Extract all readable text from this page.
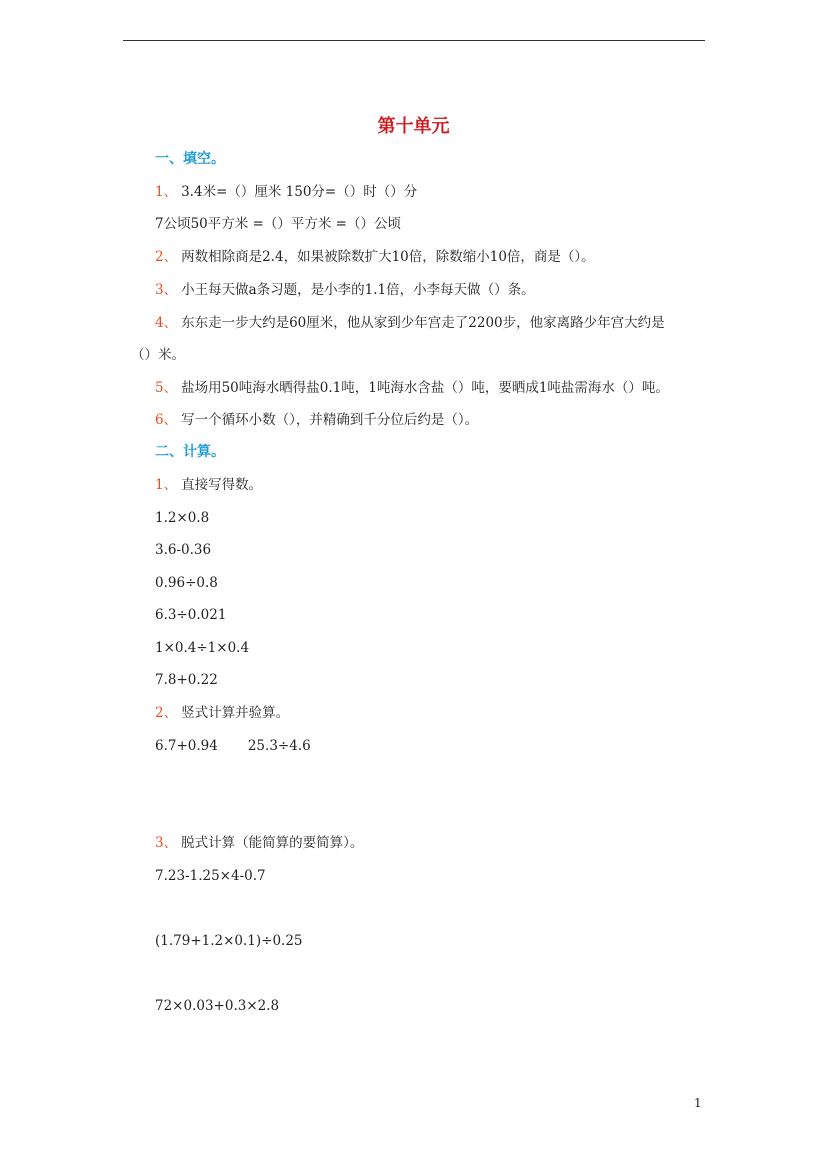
第十单元
一、填空。
1、 3.4米=（）厘米 150分=（）时（）分
7公顷50平方米 =（）平方米 =（）公顷
2、 两数相除商是2.4，如果被除数扩大10倍，除数缩小10倍，商是（）。
3、 小王每天做a条习题，是小李的1.1倍，小李每天做（）条。
4、 东东走一步大约是60厘米，他从家到少年宫走了2200步，他家离路少年宫大约是
（）米。
5、 盐场用50吨海水晒得盐0.1吨，1吨海水含盐（）吨，要晒成1吨盐需海水（）吨。
6、 写一个循环小数（），并精确到千分位后约是（）。
二、计算。
1、 直接写得数。
1.2×0.8
3.6-0.36
0.96÷0.8
6.3÷0.021
1×0.4÷1×0.4
7.8+0.22
2、 竖式计算并验算。
6.7+0.94 25.3÷4.6
3、 脱式计算（能简算的要简算）。
7.23-1.25×4-0.7
(1.79+1.2×0.1)÷0.25
72×0.03+0.3×2.8
1
